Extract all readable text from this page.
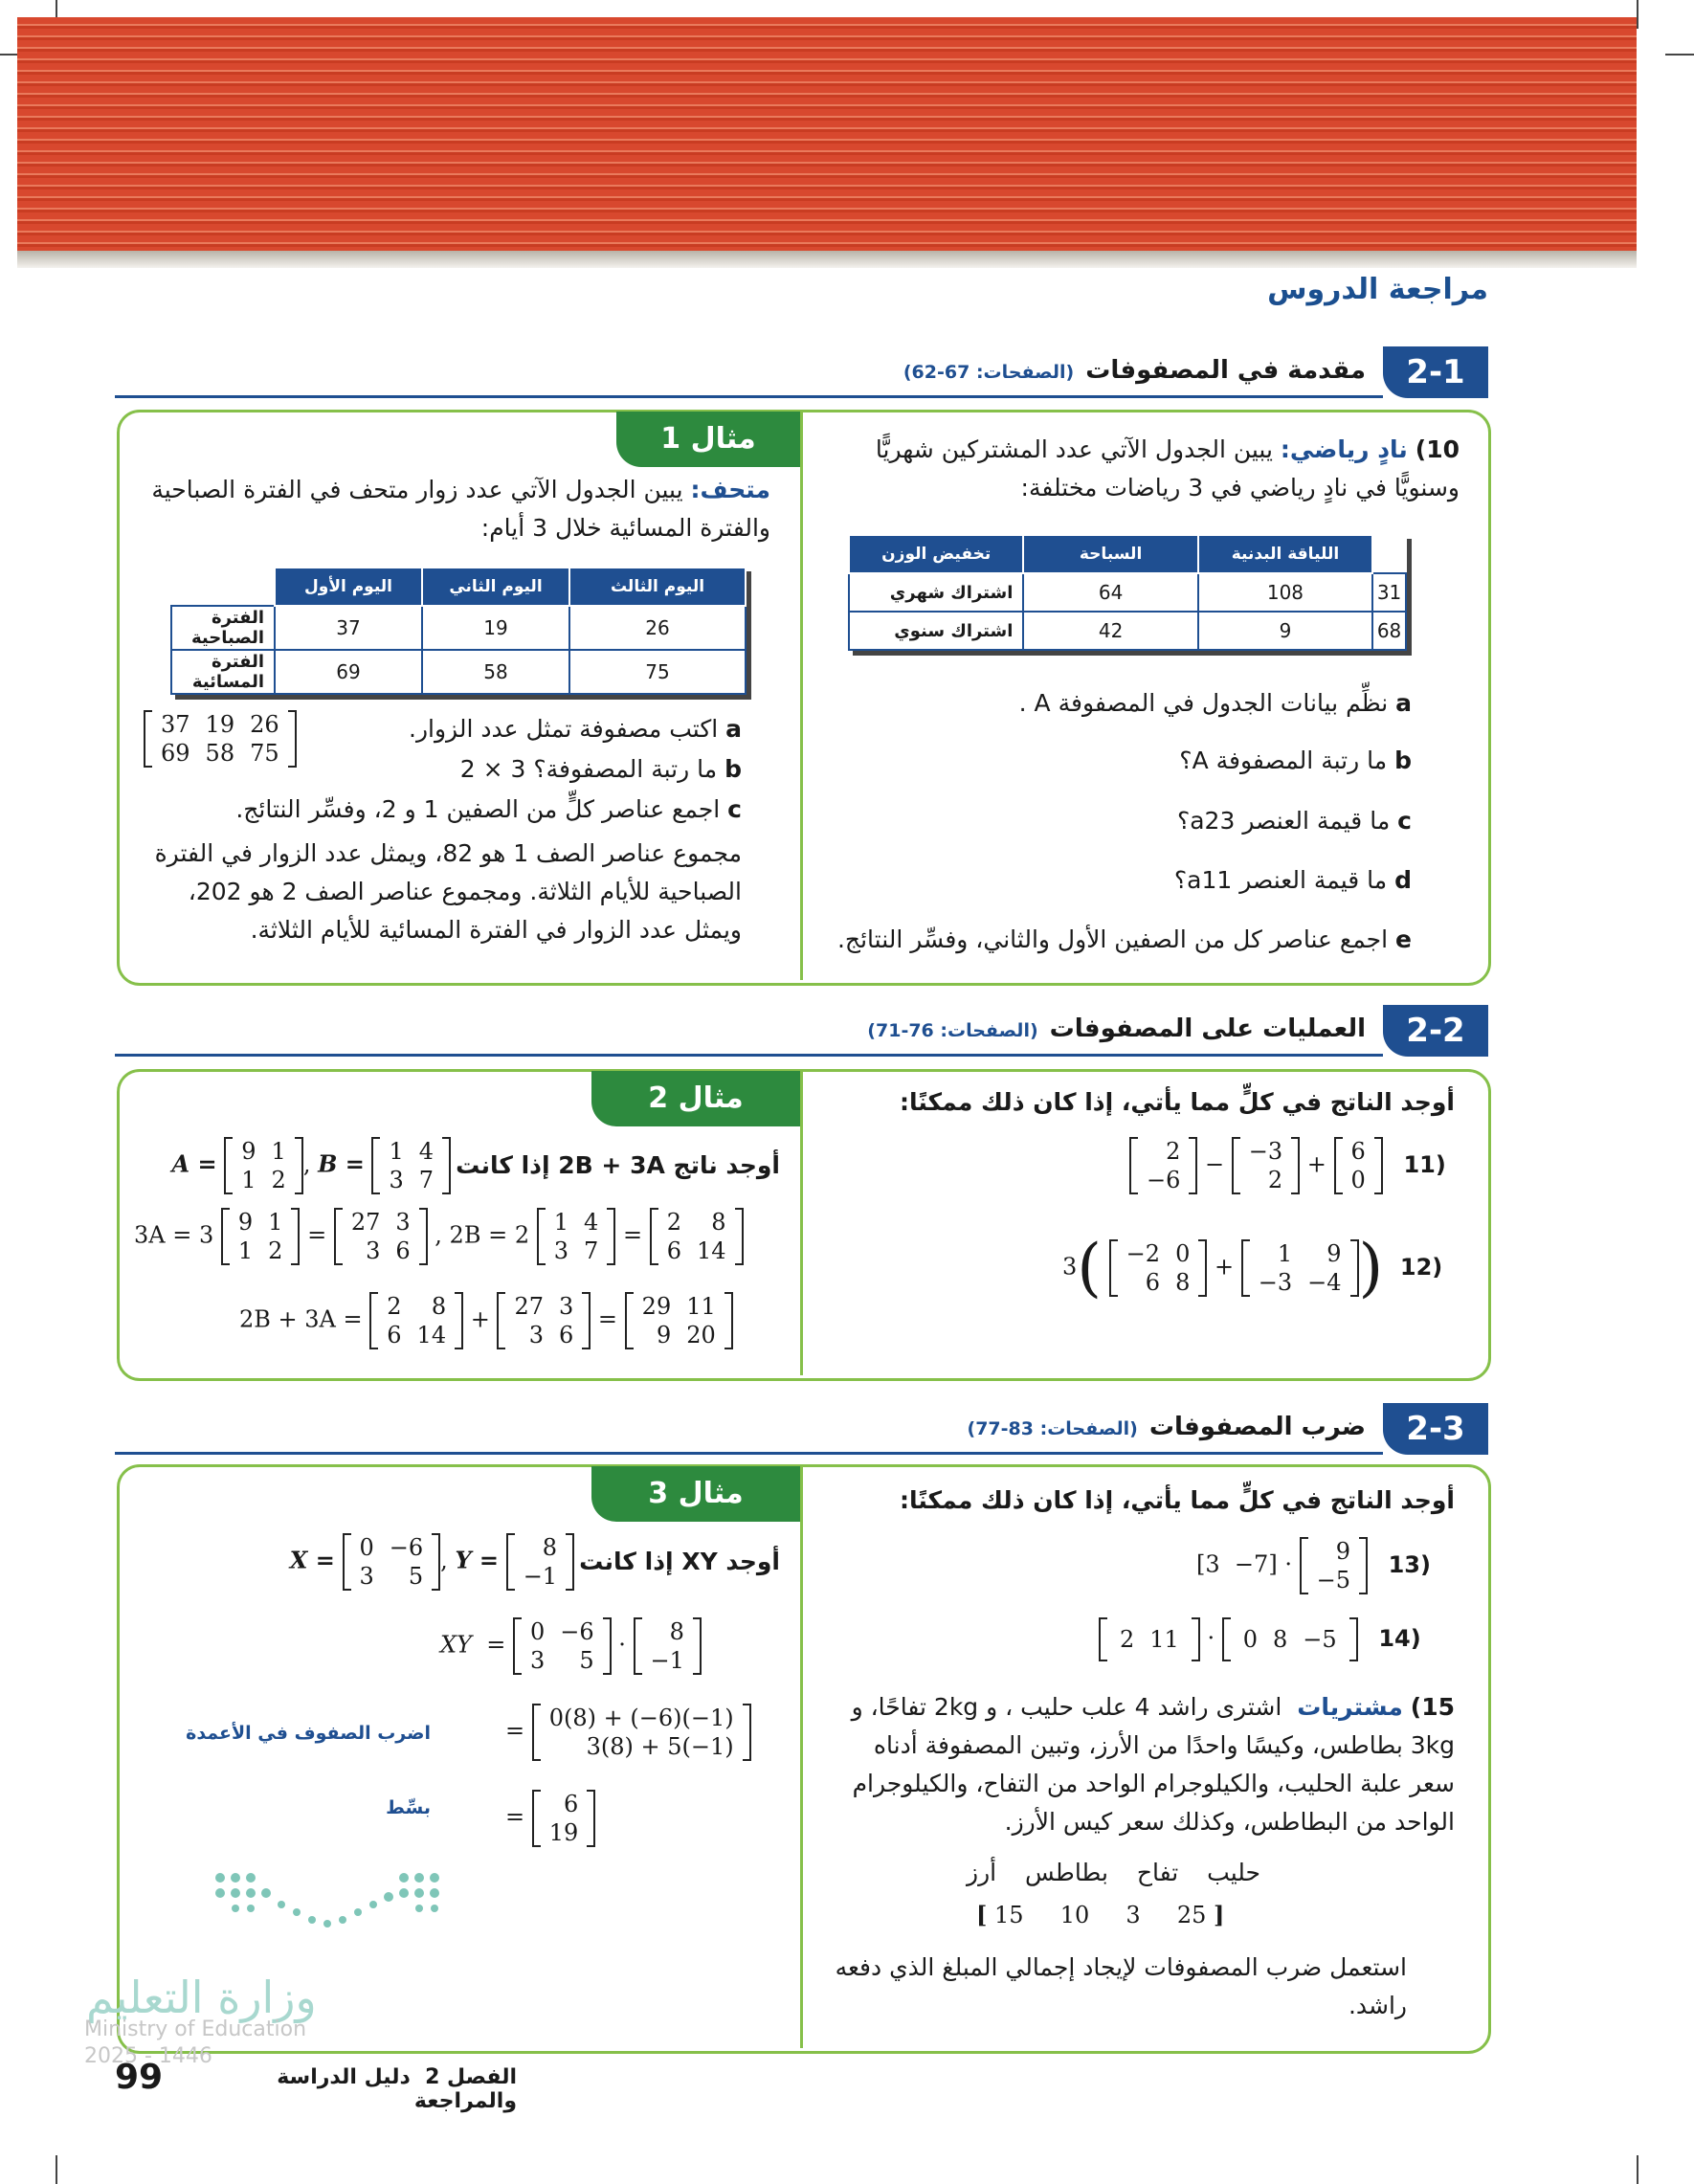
مراجعة الدروس
2-1
مقدمة في المصفوفات(الصفحات: 67-62)
مثال 1
متحف: يبين الجدول الآتي عدد زوار متحف في الفترة الصباحية والفترة المسائية خلال 3 أيام:
اليوم الثالث	اليوم الثاني	اليوم الأول	
26	19	37	الفترة الصباحية
75	58	69	الفترة المسائية
37	19	26
69	58	75
a اكتب مصفوفة تمثل عدد الزوار.
b ما رتبة المصفوفة؟ 3 × 2
c اجمع عناصر كلٍّ من الصفين 1 و 2، وفسِّر النتائج.
مجموع عناصر الصف 1 هو 82، ويمثل عدد الزوار في الفترة الصباحية للأيام الثلاثة. ومجموع عناصر الصف 2 هو 202، ويمثل عدد الزوار في الفترة المسائية للأيام الثلاثة.
10) نادٍ رياضي: يبين الجدول الآتي عدد المشتركين شهريًّا وسنويًّا في نادٍ رياضي في 3 رياضات مختلفة:
	اللياقة البدنية	السباحة	تخفيض الوزن
31	108	64	اشتراك شهري
68	9	42	اشتراك سنوي
a نظِّم بيانات الجدول في المصفوفة A .
b ما رتبة المصفوفة A؟
c ما قيمة العنصر a23؟
d ما قيمة العنصر a11؟
e اجمع عناصر كل من الصفين الأول والثاني، وفسِّر النتائج.
2-2
العمليات على المصفوفات(الصفحات: 76-71)
مثال 2
أوجد ناتج 2B + 3A إذا كانت A = 9	1
1	2
, B = 1	4
3	7
3A = 3 9	1
1	2
= 27	3
3	6
, 2B = 2 1	4
3	7
= 2	8
6	14
2B + 3A = 2	8
6	14
+ 27	3
3	6
= 29	11
9	20
أوجد الناتج في كلٍّ مما يأتي، إذا كان ذلك ممكنًا:
2
−6
− −3
2
+ 6
0
11)
3( −2	0
6	8
+ 1	9
−3	−4 ) 12)
2-3
ضرب المصفوفات(الصفحات: 83-77)
مثال 3
أوجد XY إذا كانت X = 0	−6
3	5
, Y = 8
−1
XY  = 0	−6
3	5
· 8
−1
= 0(8) + (−6)(−1)
3(8) + 5(−1)
اضرب الصفوف في الأعمدة
= 6
19
بسِّط
وزارة التعليم
Ministry of Education
2025 - 1446
أوجد الناتج في كلٍّ مما يأتي، إذا كان ذلك ممكنًا:
[3 −7] · 9
−5
13)
2	11 · 0	8	−5 14)
15) مشتريات  اشترى راشد 4 علب حليب ، و 2kg تفاحًا، و 3kg بطاطس، وكيسًا واحدًا من الأرز، وتبين المصفوفة أدناه سعر علبة الحليب، والكيلوجرام الواحد من التفاح، والكيلوجرام الواحد من البطاطس، وكذلك سعر كيس الأرز.
حليب تفاح بطاطس أرز
[ 15 10 3 25 ]
استعمل ضرب المصفوفات لإيجاد إجمالي المبلغ الذي دفعه راشد.
99	الفصل 2  دليل الدراسة والمراجعة
